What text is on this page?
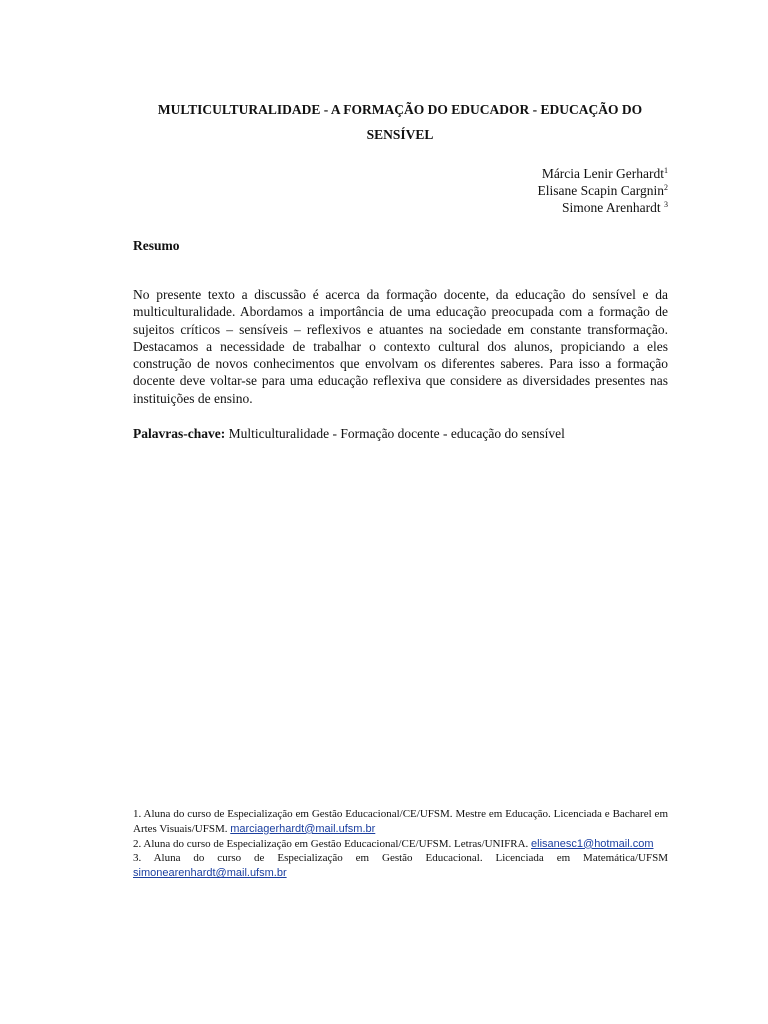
MULTICULTURALIDADE - A FORMAÇÃO DO EDUCADOR - EDUCAÇÃO DO
SENSÍVEL
Márcia Lenir Gerhardt$^1$
Elisane Scapin Cargnin$^2$
Simone Arenhardt $^3$
Resumo

No presente texto a discussão é acerca da formação docente, da educação do sensível e da multiculturalidade. Abordamos a importância de uma educação preocupada com a formação de sujeitos críticos – sensíveis – reflexivos e atuantes na sociedade em constante transformação. Destacamos a necessidade de trabalhar o contexto cultural dos alunos, propiciando a eles construção de novos conhecimentos que envolvam os diferentes saberes. Para isso a formação docente deve voltar-se para uma educação reflexiva que considere as diversidades presentes nas instituições de ensino.

Palavras-chave: Multiculturalidade - Formação docente - educação do sensível

1. Aluna do curso de Especialização em Gestão Educacional/CE/UFSM. Mestre em Educação. Licenciada e Bacharel em Artes Visuais/UFSM. marciagerhardt@mail.ufsm.br

2. Aluna do curso de Especialização em Gestão Educacional/CE/UFSM. Letras/UNIFRA. elisanesc1@hotmail.com

3. Aluna do curso de Especialização em Gestão Educacional. Licenciada em Matemática/UFSM simonearenhardt@mail.ufsm.br
